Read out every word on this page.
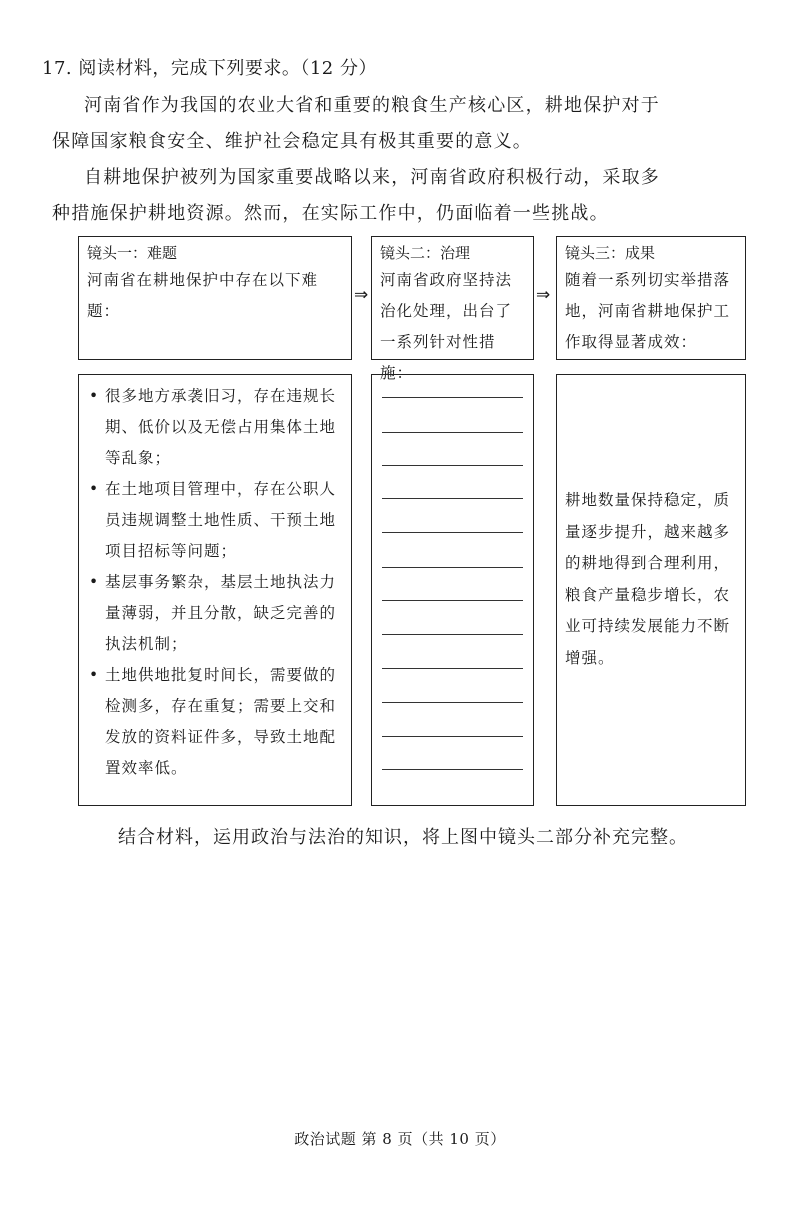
17. 阅读材料，完成下列要求。（12 分）
河南省作为我国的农业大省和重要的粮食生产核心区，耕地保护对于
保障国家粮食安全、维护社会稳定具有极其重要的意义。
自耕地保护被列为国家重要战略以来，河南省政府积极行动，采取多
种措施保护耕地资源。然而，在实际工作中，仍面临着一些挑战。
镜头一：难题
河南省在耕地保护中存在以下难题：
⇒
镜头二：治理
河南省政府坚持法治化处理，出台了一系列针对性措施：
⇒
镜头三：成果
随着一系列切实举措落地，河南省耕地保护工作取得显著成效：
• 很多地方承袭旧习，存在违规长期、低价以及无偿占用集体土地等乱象；
• 在土地项目管理中，存在公职人员违规调整土地性质、干预土地项目招标等问题；
• 基层事务繁杂，基层土地执法力量薄弱，并且分散，缺乏完善的执法机制；
• 土地供地批复时间长，需要做的检测多，存在重复；需要上交和发放的资料证件多，导致土地配置效率低。
耕地数量保持稳定，质量逐步提升，越来越多的耕地得到合理利用，粮食产量稳步增长，农业可持续发展能力不断增强。
结合材料，运用政治与法治的知识，将上图中镜头二部分补充完整。
政治试题 第 8 页（共 10 页）
